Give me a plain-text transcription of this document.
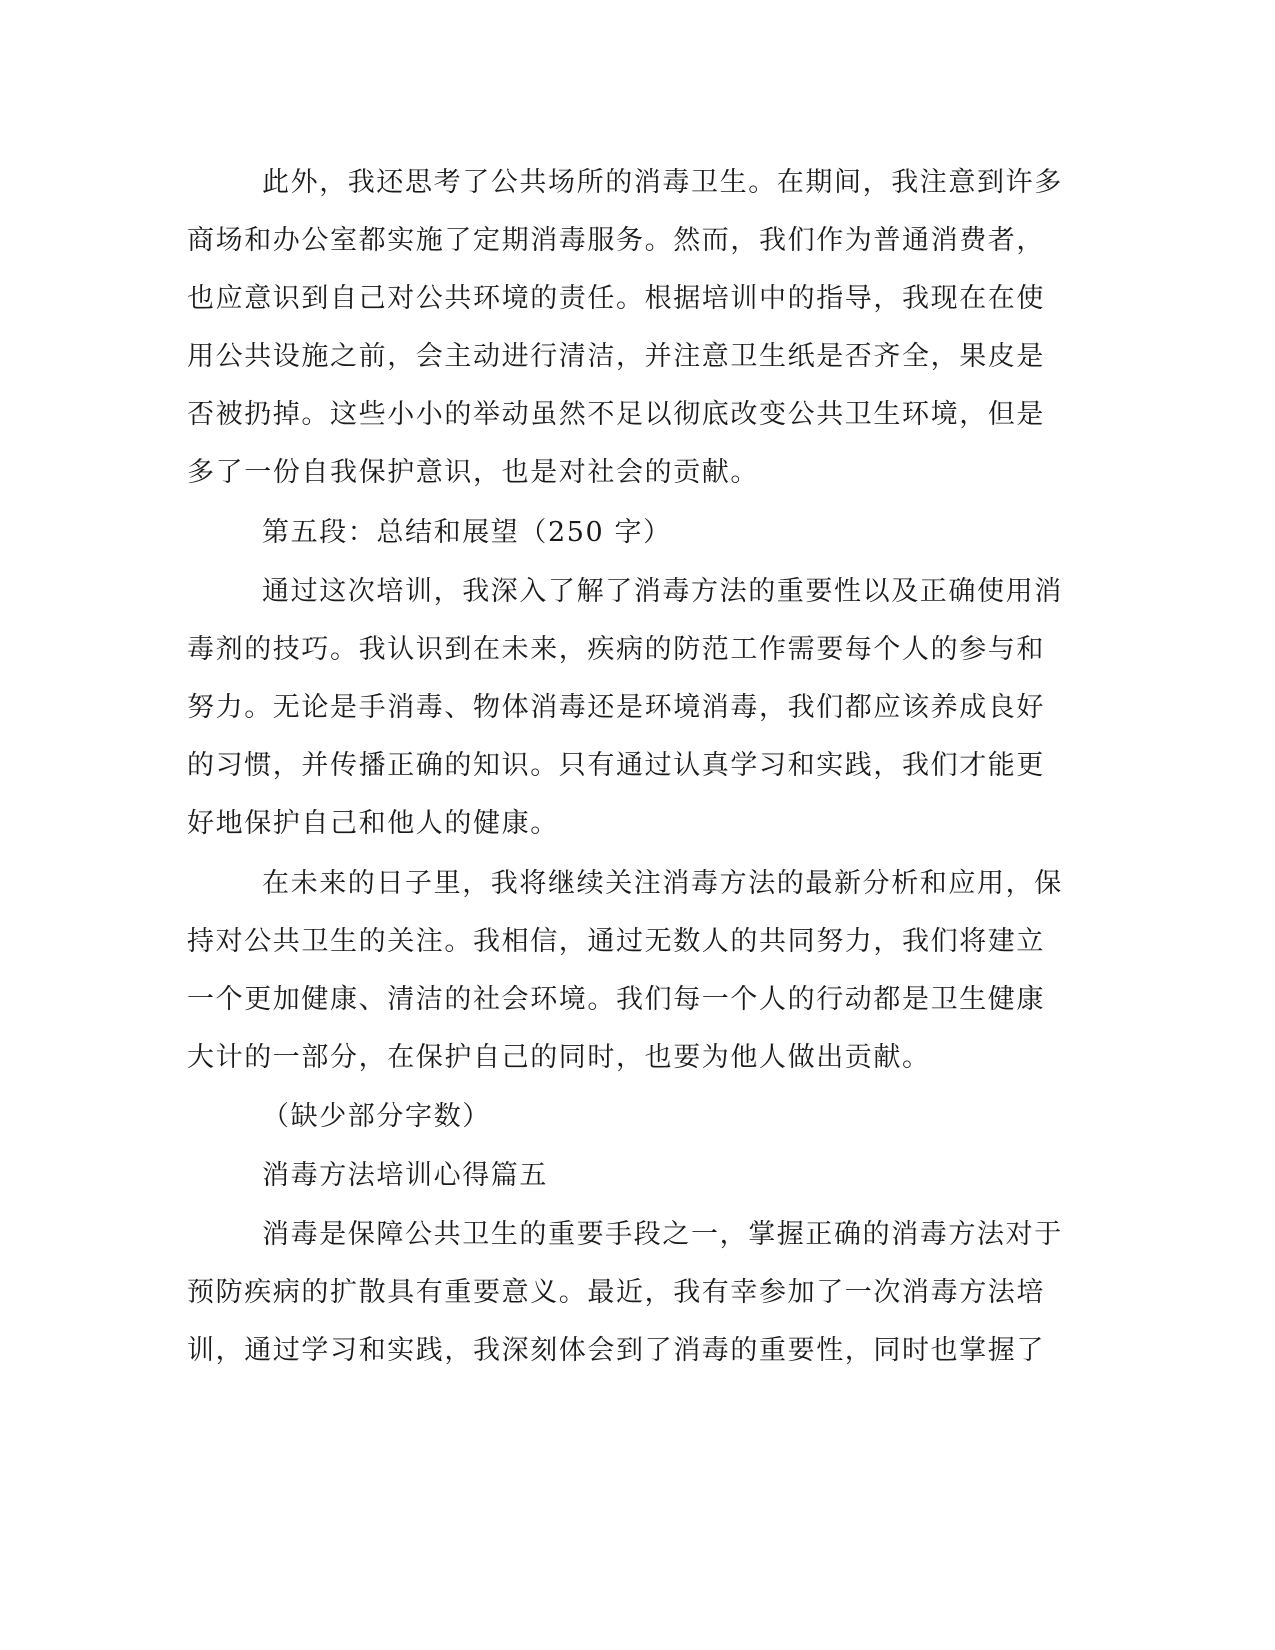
此外，我还思考了公共场所的消毒卫生。在期间，我注意到许多
商场和办公室都实施了定期消毒服务。然而，我们作为普通消费者，
也应意识到自己对公共环境的责任。根据培训中的指导，我现在在使
用公共设施之前，会主动进行清洁，并注意卫生纸是否齐全，果皮是
否被扔掉。这些小小的举动虽然不足以彻底改变公共卫生环境，但是
多了一份自我保护意识，也是对社会的贡献。
第五段：总结和展望（250 字）
通过这次培训，我深入了解了消毒方法的重要性以及正确使用消
毒剂的技巧。我认识到在未来，疾病的防范工作需要每个人的参与和
努力。无论是手消毒、物体消毒还是环境消毒，我们都应该养成良好
的习惯，并传播正确的知识。只有通过认真学习和实践，我们才能更
好地保护自己和他人的健康。
在未来的日子里，我将继续关注消毒方法的最新分析和应用，保
持对公共卫生的关注。我相信，通过无数人的共同努力，我们将建立
一个更加健康、清洁的社会环境。我们每一个人的行动都是卫生健康
大计的一部分，在保护自己的同时，也要为他人做出贡献。
（缺少部分字数）
消毒方法培训心得篇五
消毒是保障公共卫生的重要手段之一，掌握正确的消毒方法对于
预防疾病的扩散具有重要意义。最近，我有幸参加了一次消毒方法培
训，通过学习和实践，我深刻体会到了消毒的重要性，同时也掌握了
